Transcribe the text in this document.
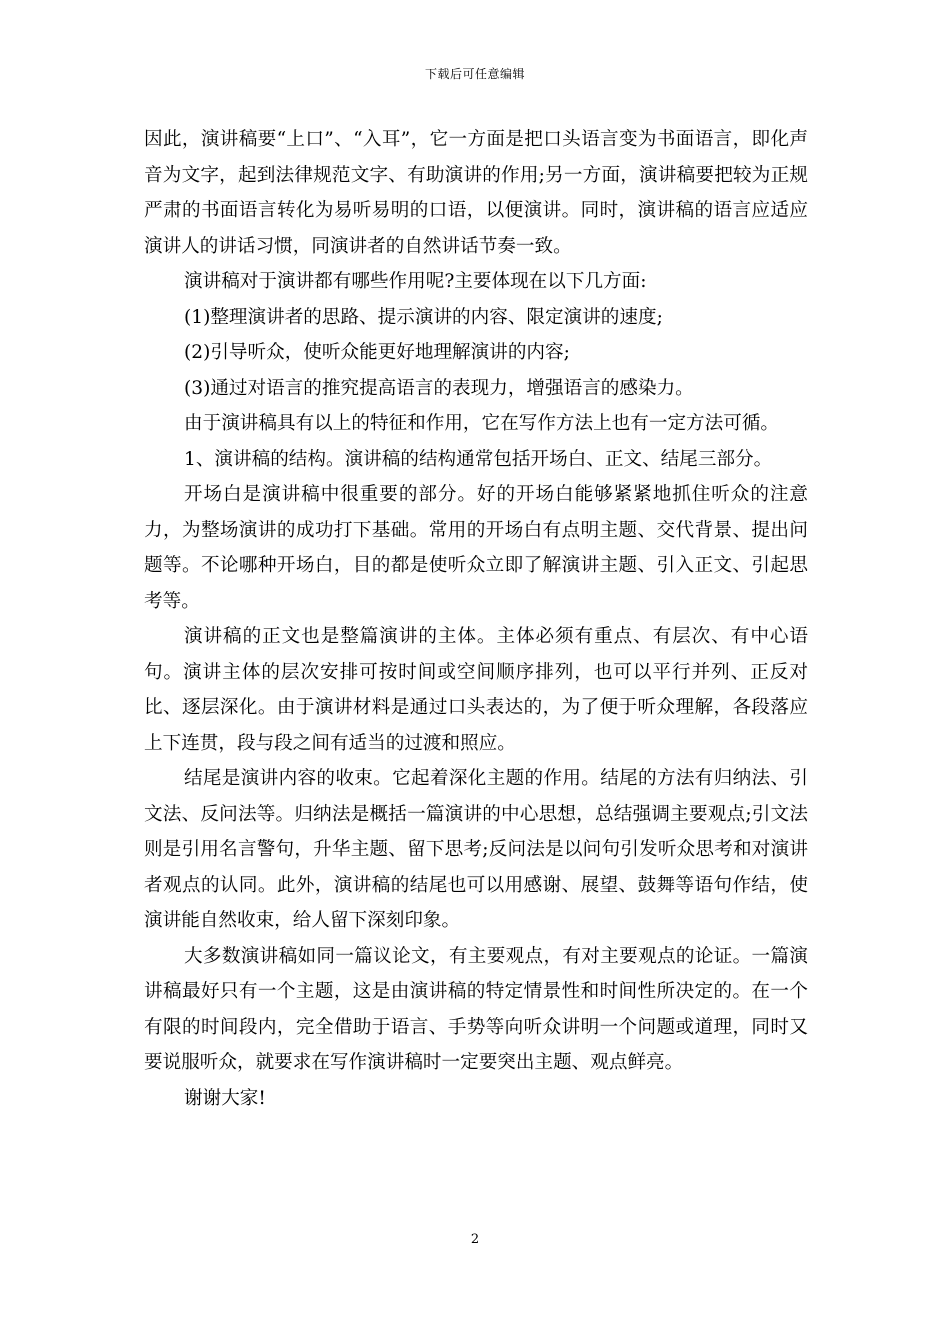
下载后可任意编辑

因此，演讲稿要“上口”、“入耳”，它一方面是把口头语言变为书面语言，即化声音为文字，起到法律规范文字、有助演讲的作用;另一方面，演讲稿要把较为正规严肃的书面语言转化为易听易明的口语，以便演讲。同时，演讲稿的语言应适应演讲人的讲话习惯，同演讲者的自然讲话节奏一致。

演讲稿对于演讲都有哪些作用呢?主要体现在以下几方面:

(1)整理演讲者的思路、提示演讲的内容、限定演讲的速度;

(2)引导听众，使听众能更好地理解演讲的内容;

(3)通过对语言的推究提高语言的表现力，增强语言的感染力。

由于演讲稿具有以上的特征和作用，它在写作方法上也有一定方法可循。

1、演讲稿的结构。演讲稿的结构通常包括开场白、正文、结尾三部分。

开场白是演讲稿中很重要的部分。好的开场白能够紧紧地抓住听众的注意力，为整场演讲的成功打下基础。常用的开场白有点明主题、交代背景、提出问题等。不论哪种开场白，目的都是使听众立即了解演讲主题、引入正文、引起思考等。

演讲稿的正文也是整篇演讲的主体。主体必须有重点、有层次、有中心语句。演讲主体的层次安排可按时间或空间顺序排列，也可以平行并列、正反对比、逐层深化。由于演讲材料是通过口头表达的，为了便于听众理解，各段落应上下连贯，段与段之间有适当的过渡和照应。

结尾是演讲内容的收束。它起着深化主题的作用。结尾的方法有归纳法、引文法、反问法等。归纳法是概括一篇演讲的中心思想，总结强调主要观点;引文法则是引用名言警句，升华主题、留下思考;反问法是以问句引发听众思考和对演讲者观点的认同。此外，演讲稿的结尾也可以用感谢、展望、鼓舞等语句作结，使演讲能自然收束，给人留下深刻印象。

大多数演讲稿如同一篇议论文，有主要观点，有对主要观点的论证。一篇演讲稿最好只有一个主题，这是由演讲稿的特定情景性和时间性所决定的。在一个有限的时间段内，完全借助于语言、手势等向听众讲明一个问题或道理，同时又要说服听众，就要求在写作演讲稿时一定要突出主题、观点鲜亮。

谢谢大家!

2
